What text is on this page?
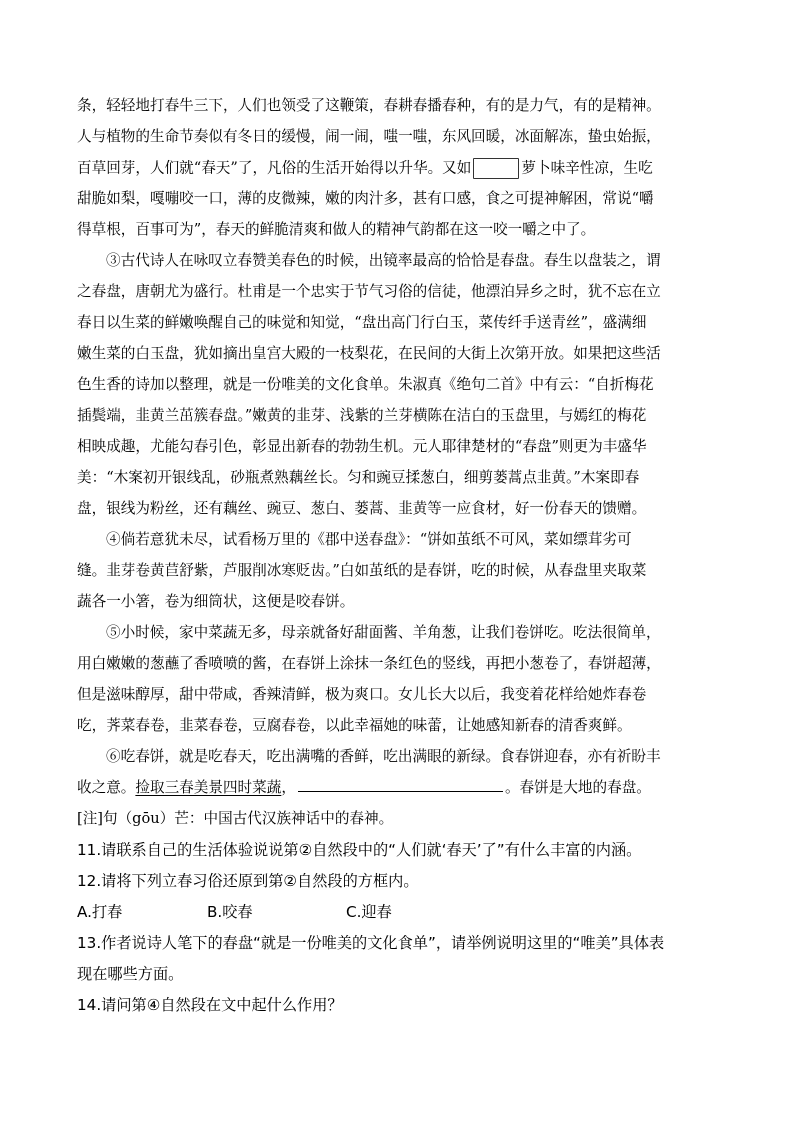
条，轻轻地打春牛三下，人们也领受了这鞭策，春耕春播春种，有的是力气，有的是精神。
人与植物的生命节奏似有冬日的缓慢，闹一闹，嗤一嗤，东风回暖，冰面解冻，蛰虫始振，
百草回芽，人们就“春天”了，凡俗的生活开始得以升华。又如	萝卜味辛性凉，生吃
甜脆如梨，嘎嘣咬一口，薄的皮微辣，嫩的肉汁多，甚有口感，食之可提神解困，常说“嚼
得草根，百事可为”，春天的鲜脆清爽和做人的精神气韵都在这一咬一嚼之中了。
③古代诗人在咏叹立春赞美春色的时候，出镜率最高的恰恰是春盘。春生以盘装之，谓
之春盘，唐朝尤为盛行。杜甫是一个忠实于节气习俗的信徒，他漂泊异乡之时，犹不忘在立
春日以生菜的鲜嫩唤醒自己的味觉和知觉，“盘出高门行白玉，菜传纤手送青丝”，盛满细
嫩生菜的白玉盘，犹如摘出皇宫大殿的一枝梨花，在民间的大街上次第开放。如果把这些活
色生香的诗加以整理，就是一份唯美的文化食单。朱淑真《绝句二首》中有云：“自折梅花
插鬓端，韭黄兰茁簇春盘。”嫩黄的韭芽、浅紫的兰芽横陈在洁白的玉盘里，与嫣红的梅花
相映成趣，尤能勾春引色，彰显出新春的勃勃生机。元人耶律楚材的“春盘”则更为丰盛华
美：“木案初开银线乱，砂瓶煮熟藕丝长。匀和豌豆揉葱白，细剪蒌蒿点韭黄。”木案即春
盘，银线为粉丝，还有藕丝、豌豆、葱白、蒌蒿、韭黄等一应食材，好一份春天的馈赠。
④倘若意犹未尽，试看杨万里的《郡中送春盘》：“饼如茧纸不可风，菜如缥茸劣可
缝。韭芽卷黄苣舒紫，芦服削冰寒贬齿。”白如茧纸的是春饼，吃的时候，从春盘里夹取菜
蔬各一小箸，卷为细筒状，这便是咬春饼。
⑤小时候，家中菜蔬无多，母亲就备好甜面酱、羊角葱，让我们卷饼吃。吃法很简单，
用白嫩嫩的葱蘸了香喷喷的酱，在春饼上涂抹一条红色的竖线，再把小葱卷了，春饼超薄，
但是滋味醇厚，甜中带咸，香辣清鲜，极为爽口。女儿长大以后，我变着花样给她炸春卷
吃，荠菜春卷，韭菜春卷，豆腐春卷，以此幸福她的味蕾，让她感知新春的清香爽鲜。
⑥吃春饼，就是吃春天，吃出满嘴的香鲜，吃出满眼的新绿。食春饼迎春，亦有祈盼丰
收之意。捡取三春美景四时菜蔬，	。春饼是大地的春盘。
[注]句（gōu）芒：中国古代汉族神话中的春神。
11.请联系自己的生活体验说说第②自然段中的“人们就‘春天’了”有什么丰富的内涵。
12.请将下列立春习俗还原到第②自然段的方框内。
A.打春	B.咬春	C.迎春
13.作者说诗人笔下的春盘“就是一份唯美的文化食单”，请举例说明这里的“唯美”具体表
现在哪些方面。
14.请问第④自然段在文中起什么作用？
